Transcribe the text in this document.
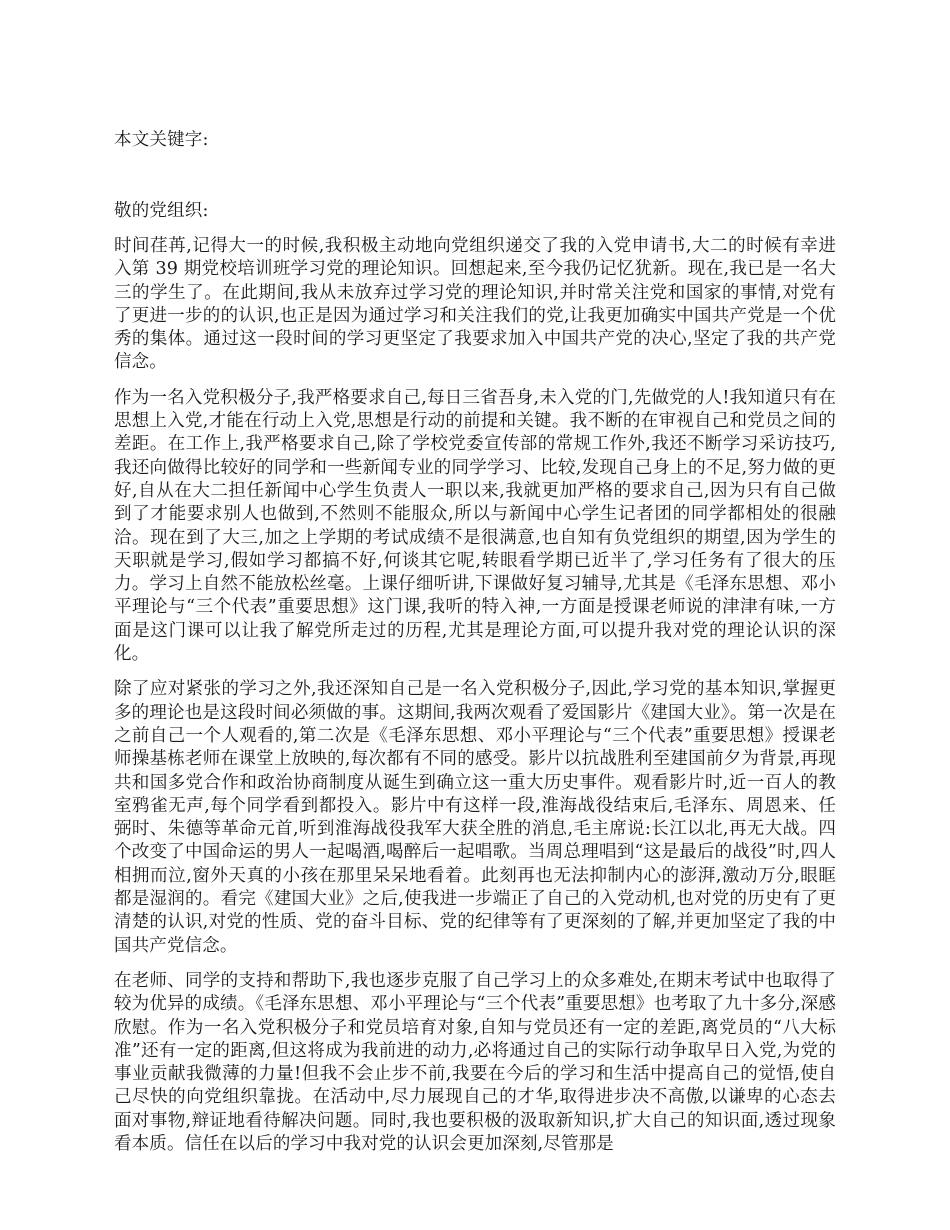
本文关键字:

敬的党组织:

时间荏苒,记得大一的时候,我积极主动地向党组织递交了我的入党申请书,大二的时候有幸进入第 39 期党校培训班学习党的理论知识。回想起来,至今我仍记忆犹新。现在,我已是一名大三的学生了。在此期间,我从未放弃过学习党的理论知识,并时常关注党和国家的事情,对党有了更进一步的的认识,也正是因为通过学习和关注我们的党,让我更加确实中国共产党是一个优秀的集体。通过这一段时间的学习更坚定了我要求加入中国共产党的决心,坚定了我的共产党信念。

作为一名入党积极分子,我严格要求自己,每日三省吾身,未入党的门,先做党的人!我知道只有在思想上入党,才能在行动上入党,思想是行动的前提和关键。我不断的在审视自己和党员之间的差距。在工作上,我严格要求自己,除了学校党委宣传部的常规工作外,我还不断学习采访技巧,我还向做得比较好的同学和一些新闻专业的同学学习、比较,发现自己身上的不足,努力做的更好,自从在大二担任新闻中心学生负责人一职以来,我就更加严格的要求自己,因为只有自己做到了才能要求别人也做到,不然则不能服众,所以与新闻中心学生记者团的同学都相处的很融洽。现在到了大三,加之上学期的考试成绩不是很满意,也自知有负党组织的期望,因为学生的天职就是学习,假如学习都搞不好,何谈其它呢,转眼看学期已近半了,学习任务有了很大的压力。学习上自然不能放松丝毫。上课仔细听讲,下课做好复习辅导,尤其是《毛泽东思想、邓小平理论与“三个代表”重要思想》这门课,我听的特入神,一方面是授课老师说的津津有味,一方面是这门课可以让我了解党所走过的历程,尤其是理论方面,可以提升我对党的理论认识的深化。

除了应对紧张的学习之外,我还深知自己是一名入党积极分子,因此,学习党的基本知识,掌握更多的理论也是这段时间必须做的事。这期间,我两次观看了爱国影片《建国大业》。第一次是在之前自己一个人观看的,第二次是《毛泽东思想、邓小平理论与“三个代表”重要思想》授课老师操基栋老师在课堂上放映的,每次都有不同的感受。影片以抗战胜利至建国前夕为背景,再现共和国多党合作和政治协商制度从诞生到确立这一重大历史事件。观看影片时,近一百人的教室鸦雀无声,每个同学看到都投入。影片中有这样一段,淮海战役结束后,毛泽东、周恩来、任弼时、朱德等革命元首,听到淮海战役我军大获全胜的消息,毛主席说:长江以北,再无大战。四个改变了中国命运的男人一起喝酒,喝醉后一起唱歌。当周总理唱到“这是最后的战役”时,四人相拥而泣,窗外天真的小孩在那里呆呆地看着。此刻再也无法抑制内心的澎湃,激动万分,眼眶都是湿润的。看完《建国大业》之后,使我进一步端正了自己的入党动机,也对党的历史有了更清楚的认识,对党的性质、党的奋斗目标、党的纪律等有了更深刻的了解,并更加坚定了我的中国共产党信念。

在老师、同学的支持和帮助下,我也逐步克服了自己学习上的众多难处,在期末考试中也取得了较为优异的成绩。《毛泽东思想、邓小平理论与“三个代表”重要思想》也考取了九十多分,深感欣慰。作为一名入党积极分子和党员培育对象,自知与党员还有一定的差距,离党员的“八大标准”还有一定的距离,但这将成为我前进的动力,必将通过自己的实际行动争取早日入党,为党的事业贡献我微薄的力量!但我不会止步不前,我要在今后的学习和生活中提高自己的觉悟,使自己尽快的向党组织靠拢。在活动中,尽力展现自己的才华,取得进步决不高傲,以谦卑的心态去面对事物,辩证地看待解决问题。同时,我也要积极的汲取新知识,扩大自己的知识面,透过现象看本质。信任在以后的学习中我对党的认识会更加深刻,尽管那是
